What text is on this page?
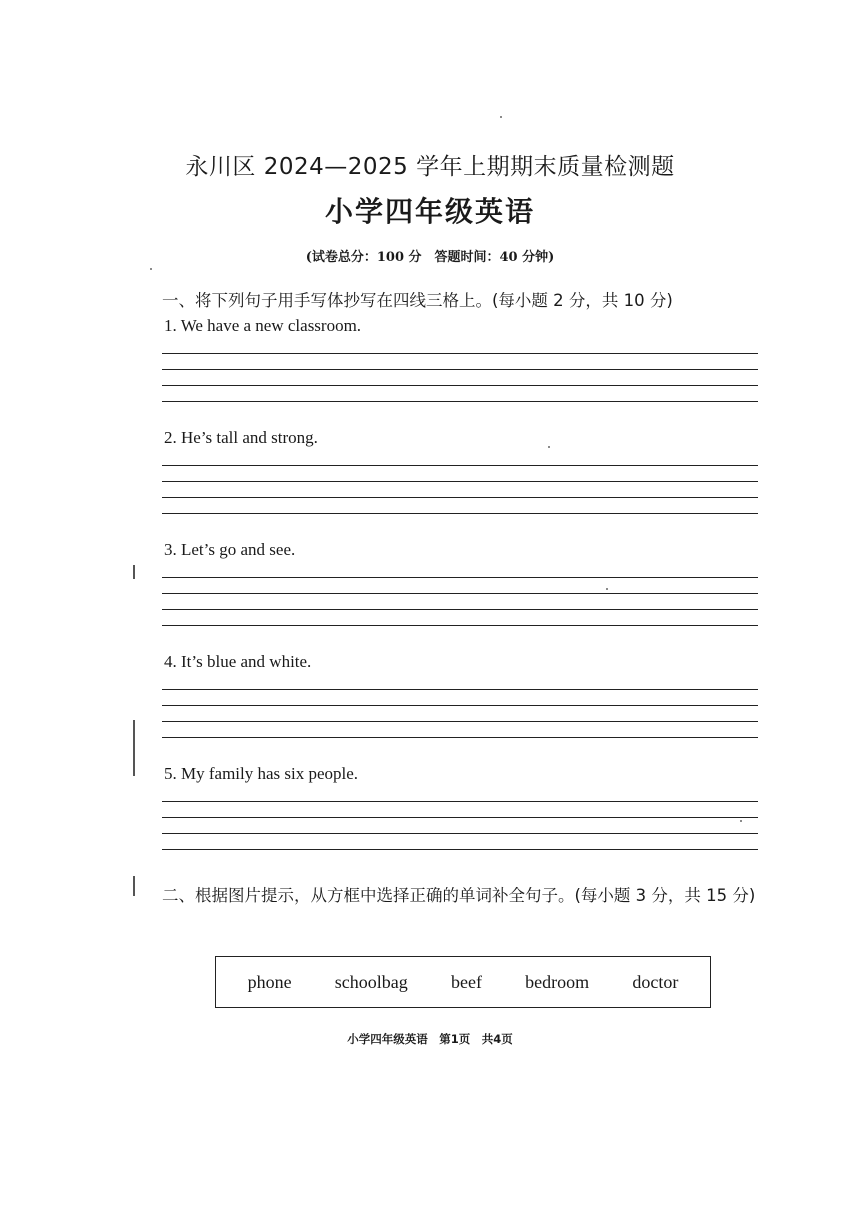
永川区 2024—2025 学年上期期末质量检测题
小学四年级英语
(试卷总分：100 分　答题时间：40 分钟)
一、将下列句子用手写体抄写在四线三格上。(每小题 2 分，共 10 分)
1. We have a new classroom.
2. He’s tall and strong.
3. Let’s go and see.
4. It’s blue and white.
5. My family has six people.
二、根据图片提示，从方框中选择正确的单词补全句子。(每小题 3 分，共 15 分)
phone schoolbag beef bedroom doctor
小学四年级英语　第1页　共4页
